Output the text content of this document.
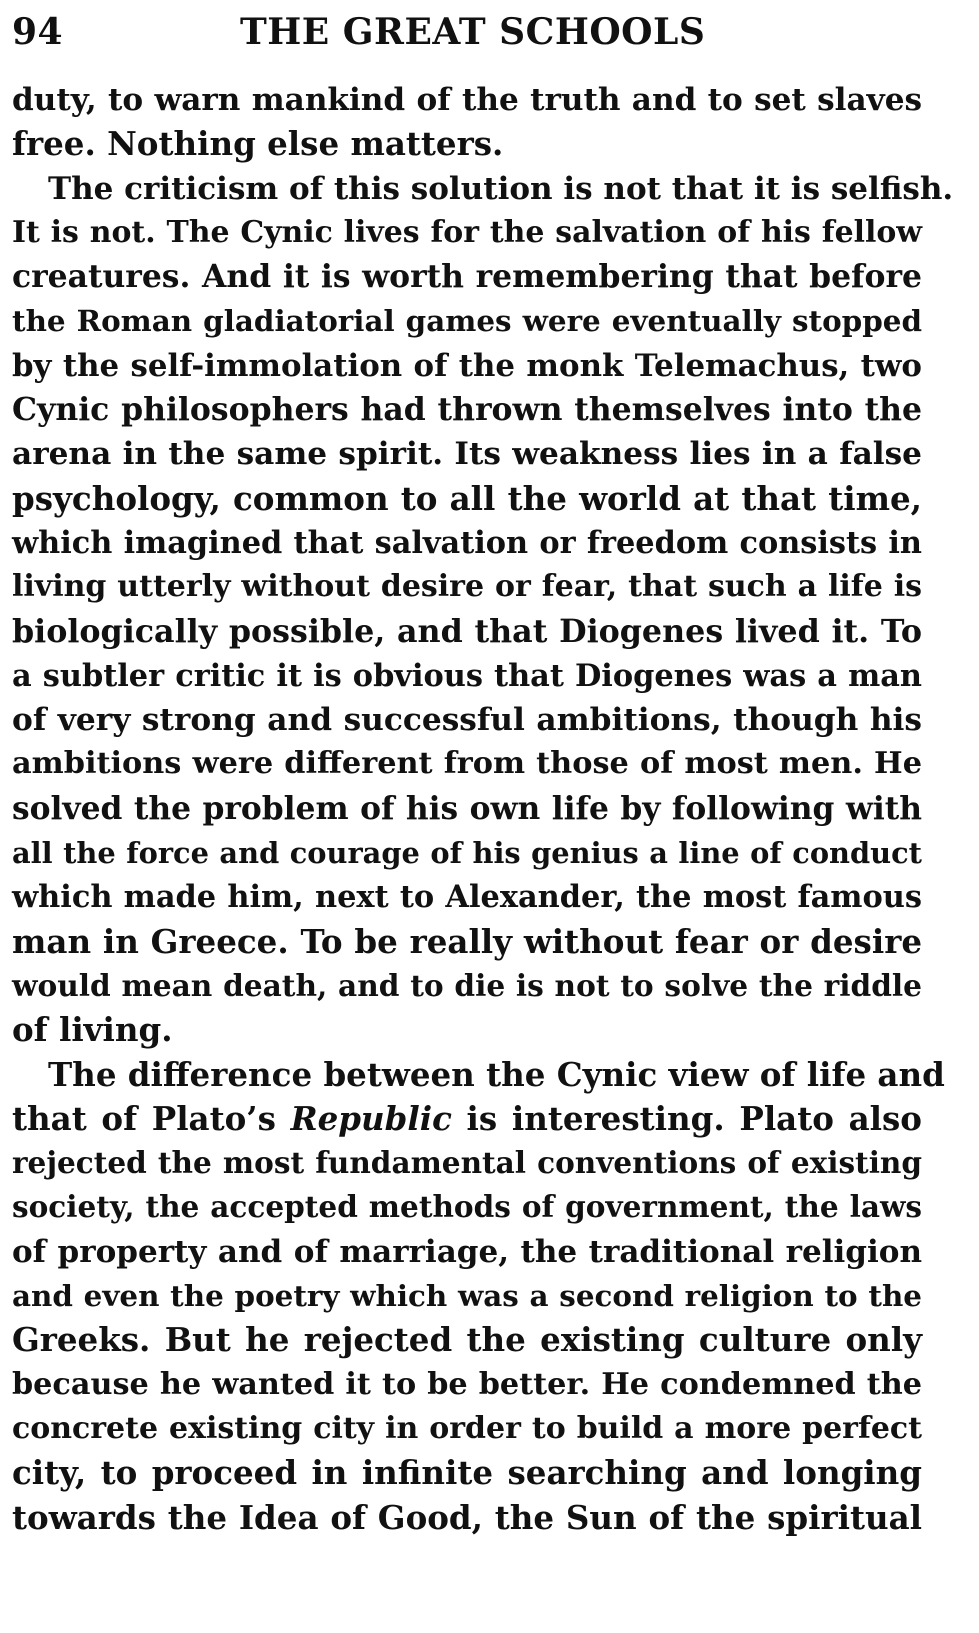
94	THE GREAT SCHOOLS
duty, to warn mankind of the truth and to set slaves
free. Nothing else matters.
The criticism of this solution is not that it is selfish.
It is not. The Cynic lives for the salvation of his fellow
creatures. And it is worth remembering that before
the Roman gladiatorial games were eventually stopped
by the self-immolation of the monk Telemachus, two
Cynic philosophers had thrown themselves into the
arena in the same spirit. Its weakness lies in a false
psychology, common to all the world at that time,
which imagined that salvation or freedom consists in
living utterly without desire or fear, that such a life is
biologically possible, and that Diogenes lived it. To
a subtler critic it is obvious that Diogenes was a man
of very strong and successful ambitions, though his
ambitions were different from those of most men. He
solved the problem of his own life by following with
all the force and courage of his genius a line of conduct
which made him, next to Alexander, the most famous
man in Greece. To be really without fear or desire
would mean death, and to die is not to solve the riddle
of living.
The difference between the Cynic view of life and
that of Plato’s Republic is interesting. Plato also
rejected the most fundamental conventions of existing
society, the accepted methods of government, the laws
of property and of marriage, the traditional religion
and even the poetry which was a second religion to the
Greeks. But he rejected the existing culture only
because he wanted it to be better. He condemned the
concrete existing city in order to build a more perfect
city, to proceed in infinite searching and longing
towards the Idea of Good, the Sun of the spiritual
